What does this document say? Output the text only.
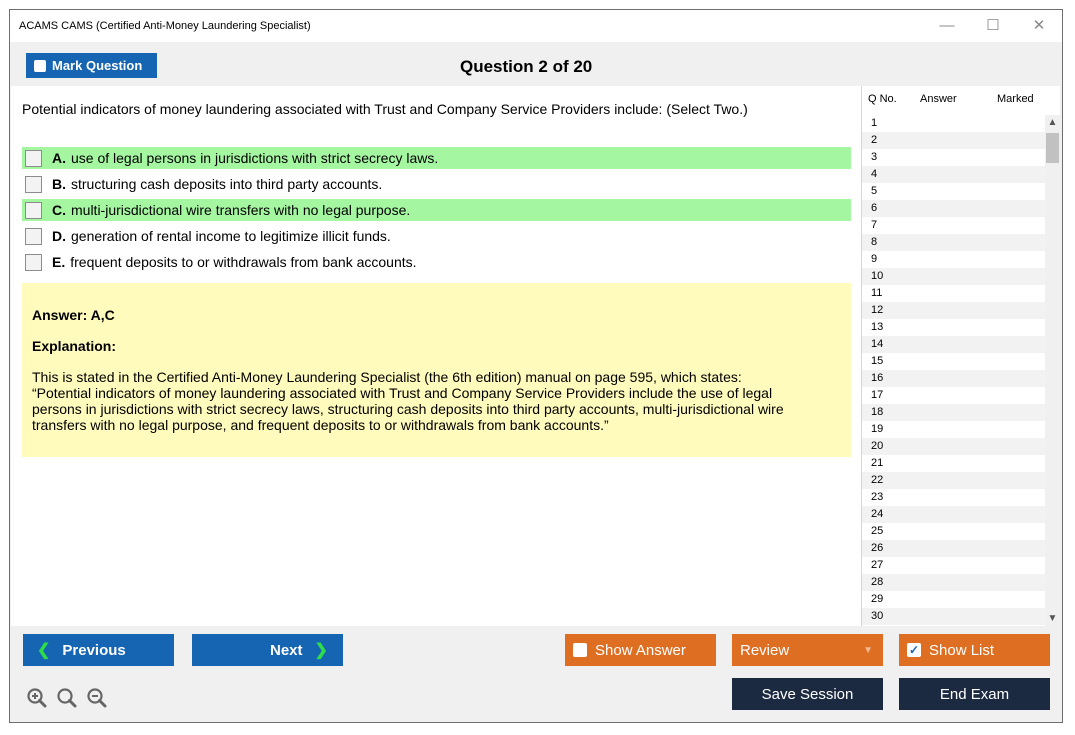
ACAMS CAMS (Certified Anti-Money Laundering Specialist)	—	☐	✕
Mark Question	Question 2 of 20
Potential indicators of money laundering associated with Trust and Company Service Providers include: (Select Two.)
A. use of legal persons in jurisdictions with strict secrecy laws.
B. structuring cash deposits into third party accounts.
C. multi-jurisdictional wire transfers with no legal purpose.
D. generation of rental income to legitimize illicit funds.
E. frequent deposits to or withdrawals from bank accounts.
Answer: A,C
Explanation:
This is stated in the Certified Anti-Money Laundering Specialist (the 6th edition) manual on page 595, which states:
“Potential indicators of money laundering associated with Trust and Company Service Providers include the use of legal
persons in jurisdictions with strict secrecy laws, structuring cash deposits into third party accounts, multi-jurisdictional wire
transfers with no legal purpose, and frequent deposits to or withdrawals from bank accounts.”
Q No. Answer	Marked
1
2
3
4
5
6
7
8
9
10
11
12
13
14
15
16
17
18
19
20
21
22
23
24
25
26
27
28
29
30
▲
▼
❮ Previous	Next ❯	Show Answer	Review	▼	✓ Show List
Save Session	End Exam
